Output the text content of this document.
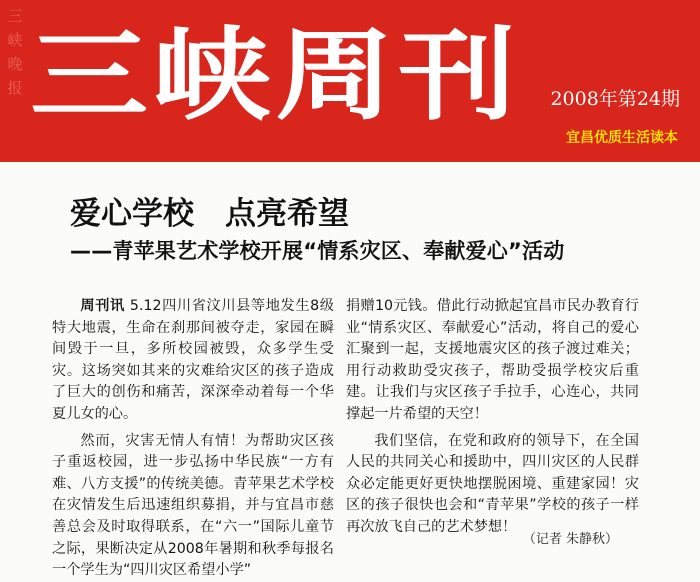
三
峡
晚
报 三峡周刊 2008年第24期
宜昌优质生活读本
爱心学校　点亮希望
——青苹果艺术学校开展“情系灾区、奉献爱心”活动

周刊讯 5.12四川省汶川县等地发生8级特大地震，生命在刹那间被夺走，家园在瞬间毁于一旦，多所校园被毁，众多学生受灾。这场突如其来的灾难给灾区的孩子造成了巨大的创伤和痛苦，深深牵动着每一个华夏儿女的心。

然而，灾害无情人有情！为帮助灾区孩子重返校园，进一步弘扬中华民族“一方有难、八方支援”的传统美德。青苹果艺术学校在灾情发生后迅速组织募捐，并与宜昌市慈善总会及时取得联系，在“六一”国际儿童节之际，果断决定从2008年暑期和秋季每报名一个学生为“四川灾区希望小学”

捐赠10元钱。借此行动掀起宜昌市民办教育行业“情系灾区、奉献爱心”活动，将自己的爱心汇聚到一起，支援地震灾区的孩子渡过难关；用行动救助受灾孩子，帮助受损学校灾后重建。让我们与灾区孩子手拉手，心连心，共同撑起一片希望的天空！

我们坚信，在党和政府的领导下，在全国人民的共同关心和援助中，四川灾区的人民群众必定能更好更快地摆脱困境、重建家园！灾区的孩子很快也会和“青苹果”学校的孩子一样再次放飞自己的艺术梦想！

（记者 朱静秋）
